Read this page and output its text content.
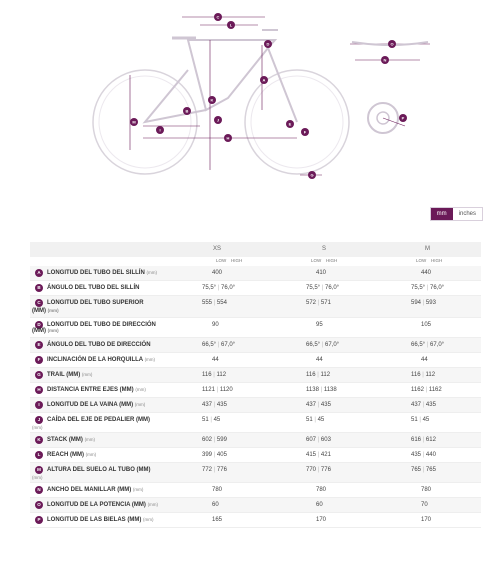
C
L
D
A
B
K
J
M
I
H
E
F
G
O
N
P
mm	inches
XS	S	M
LOW HIGH	LOW HIGH	LOW HIGH
A	LONGITUD DEL TUBO DEL SILLÍN (mm)	400	410	440
B	ÁNGULO DEL TUBO DEL SILLÍN	75,5° | 76,0°	75,5° | 76,0°	75,5° | 76,0°
C	LONGITUD DEL TUBO SUPERIOR
(MM) (mm)
555 | 554	572 | 571	594 | 593
D	LONGITUD DEL TUBO DE DIRECCIÓN
(MM) (mm)
90	95	105
E	ÁNGULO DEL TUBO DE DIRECCIÓN	66,5° | 67,0°	66,5° | 67,0°	66,5° | 67,0°
F	INCLINACIÓN DE LA HORQUILLA (mm)	44	44	44
G	TRAIL (MM) (mm)	116 | 112	116 | 112	116 | 112
H	DISTANCIA ENTRE EJES (MM) (mm)	1121 | 1120	1138 | 1138	1162 | 1162
I	LONGITUD DE LA VAINA (MM) (mm)	437 | 435	437 | 435	437 | 435
J	CAÍDA DEL EJE DE PEDALIER (MM)
(mm)
51 | 45	51 | 45	51 | 45
K	STACK (MM) (mm)	602 | 599	607 | 603	616 | 612
L	REACH (MM) (mm)	399 | 405	415 | 421	435 | 440
M	ALTURA DEL SUELO AL TUBO (MM)
(mm)
772 | 776	770 | 776	765 | 765
N	ANCHO DEL MANILLAR (MM) (mm)	780	780	780
O	LONGITUD DE LA POTENCIA (MM) (mm)	60	60	70
P	LONGITUD DE LAS BIELAS (MM) (mm)	165	170	170
